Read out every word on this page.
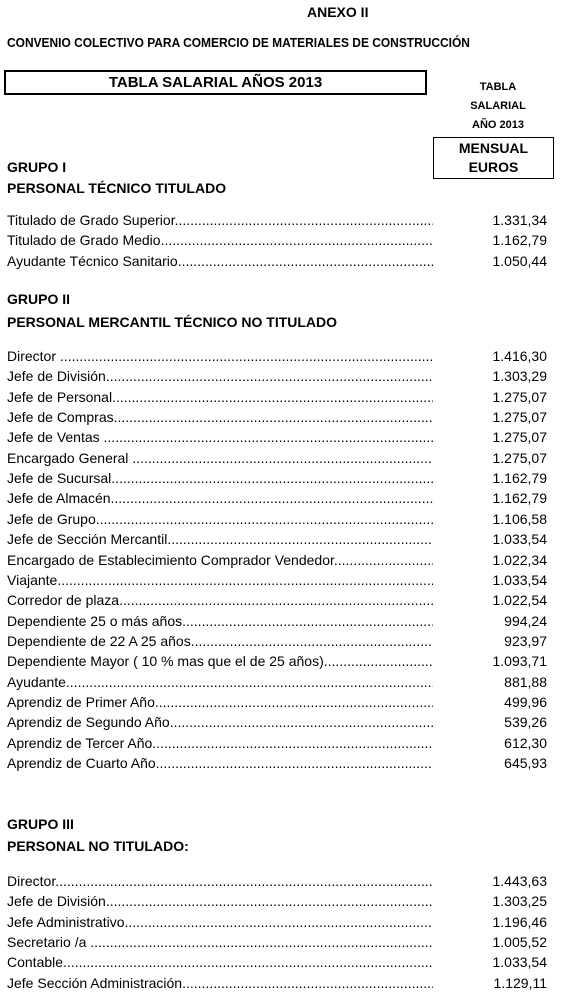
ANEXO II
CONVENIO COLECTIVO PARA COMERCIO DE MATERIALES DE CONSTRUCCIÓN
TABLA SALARIAL AÑOS 2013	TABLA
SALARIAL
AÑO 2013
MENSUAL
EUROS
GRUPO I
PERSONAL TÉCNICO TITULADO
Titulado de Grado Superior .....	1.331,34
Titulado de Grado Medio .....	1.162,79
Ayudante Técnico Sanitario .....	1.050,44
GRUPO II
PERSONAL MERCANTIL TÉCNICO NO TITULADO
Director .....	1.416,30
Jefe de División .....	1.303,29
Jefe de Personal .....	1.275,07
Jefe de Compras .....	1.275,07
Jefe de Ventas .....	1.275,07
Encargado General .....	1.275,07
Jefe de Sucursal .....	1.162,79
Jefe de Almacén .....	1.162,79
Jefe de Grupo .....	1.106,58
Jefe de Sección Mercantil .....	1.033,54
Encargado de Establecimiento Comprador Vendedor .....	1.022,34
Viajante .....	1.033,54
Corredor de plaza .....	1.022,54
Dependiente 25 o más años .....	994,24
Dependiente de 22 A 25 años .....	923,97
Dependiente Mayor ( 10 % mas que el de 25 años) .....	1.093,71
Ayudante .....	881,88
Aprendiz de Primer Año .....	499,96
Aprendiz de Segundo Año .....	539,26
Aprendiz de Tercer Año .....	612,30
Aprendiz de Cuarto Año .....	645,93
GRUPO III
PERSONAL NO TITULADO:
Director .....	1.443,63
Jefe de División .....	1.303,25
Jefe Administrativo .....	1.196,46
Secretario /a .....	1.005,52
Contable .....	1.033,54
Jefe Sección Administración .....	1.129,11
